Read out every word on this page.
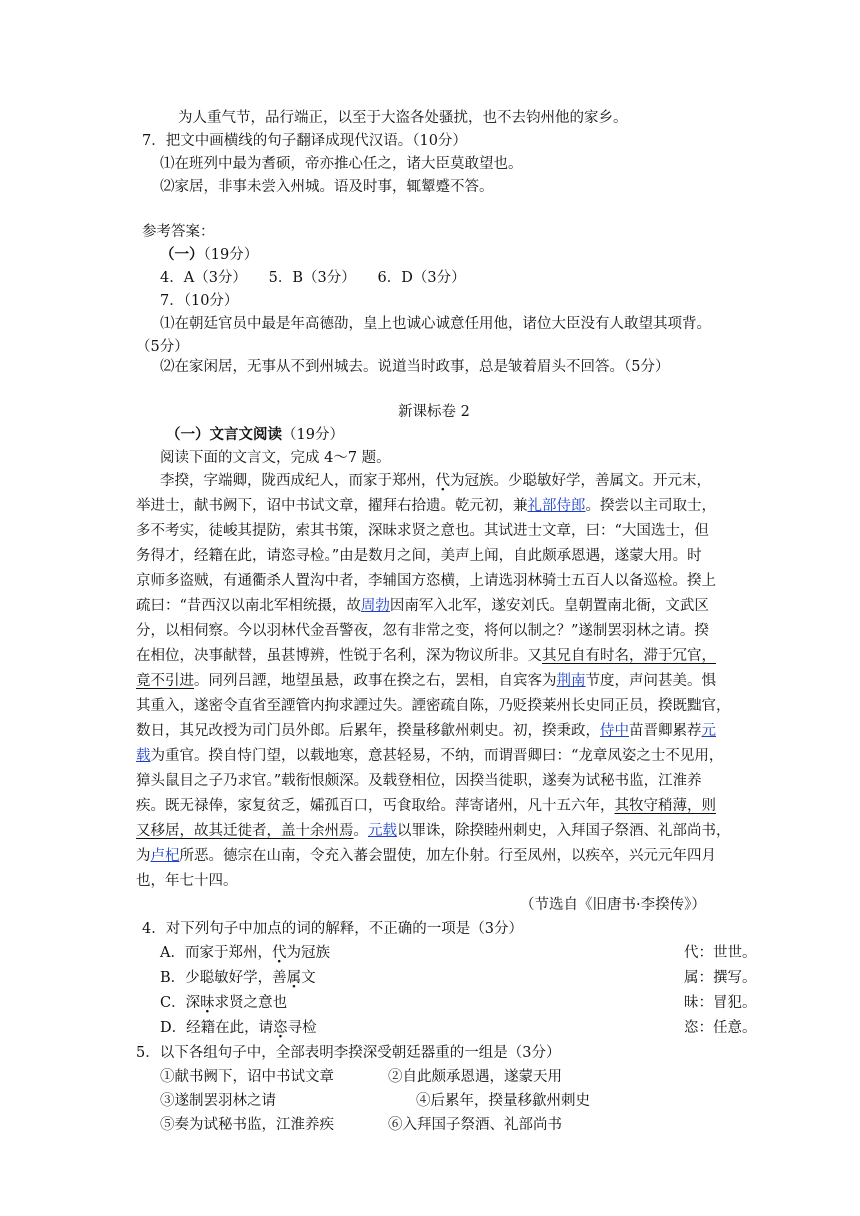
为人重气节，品行端正，以至于大盗各处骚扰，也不去钧州他的家乡。
7．把文中画横线的句子翻译成现代汉语。（10分）
⑴在班列中最为耆硕，帝亦推心任之，诸大臣莫敢望也。
⑵家居，非事未尝入州城。语及时事，辄颦蹙不答。
参考答案：
（一）（19分）
4．A（3分）　　5．B（3分）　　6．D（3分）
7．（10分）
⑴在朝廷官员中最是年高德劭，皇上也诚心诚意任用他，诸位大臣没有人敢望其项背。
（5分）
⑵在家闲居，无事从不到州城去。说道当时政事，总是皱着眉头不回答。（5分）
新课标卷 2
（一）文言文阅读（19分）
阅读下面的文言文，完成 4～7 题。
李揆，字端卿，陇西成纪人，而家于郑州，代为冠族。少聪敏好学，善属文。开元末，
举进士，献书阙下，诏中书试文章，擢拜右拾遗。乾元初，兼礼部侍郎。揆尝以主司取士，
多不考实，徒峻其提防，索其书策，深昧求贤之意也。其试进士文章，曰：“大国选士，但
务得才，经籍在此，请恣寻检。”由是数月之间，美声上闻，自此颇承恩遇，遂蒙大用。时
京师多盗贼，有通衢杀人置沟中者，李辅国方恣横，上请选羽林骑士五百人以备巡检。揆上
疏曰：“昔西汉以南北军相统摄，故周勃因南军入北军，遂安刘氏。皇朝置南北衙，文武区
分，以相伺察。今以羽林代金吾警夜，忽有非常之变，将何以制之？”遂制罢羽林之请。揆
在相位，决事献替，虽甚博辨，性锐于名利，深为物议所非。又其兄自有时名，滞于冗官，
竟不引进。同列吕諲，地望虽悬，政事在揆之右，罢相，自宾客为荆南节度，声问甚美。惧
其重入，遂密令直省至諲管内拘求諲过失。諲密疏自陈，乃贬揆莱州长史同正员，揆既黜官，
数日，其兄改授为司门员外郎。后累年，揆量移歙州刺史。初，揆秉政，侍中苗晋卿累荐元
载为重官。揆自恃门望，以载地寒，意甚轻易，不纳，而谓晋卿曰：“龙章凤姿之士不见用，
獐头鼠目之子乃求官。”载衔恨颇深。及载登相位，因揆当徙职，遂奏为试秘书监，江淮养
疾。既无禄俸，家复贫乏，孀孤百口，丐食取给。萍寄诸州，凡十五六年，其牧守稍薄，则
又移居，故其迁徙者，盖十余州焉。元载以罪诛，除揆睦州刺史，入拜国子祭酒、礼部尚书，
为卢杞所恶。德宗在山南，令充入蕃会盟使，加左仆射。行至凤州，以疾卒，兴元元年四月
也，年七十四。
（节选自《旧唐书·李揆传》）
4．对下列句子中加点的词的解释，不正确的一项是（3分）
A．而家于郑州，代为冠族	代：世世。
B．少聪敏好学，善属文	属：撰写。
C．深昧求贤之意也	昧：冒犯。
D．经籍在此，请恣寻检	恣：任意。
5．以下各组句子中，全部表明李揆深受朝廷器重的一组是（3分）
①献书阙下，诏中书试文章	②自此颇承恩遇，遂蒙天用
③遂制罢羽林之请	④后累年，揆量移歙州刺史
⑤奏为试秘书监，江淮养疾	⑥入拜国子祭酒、礼部尚书
